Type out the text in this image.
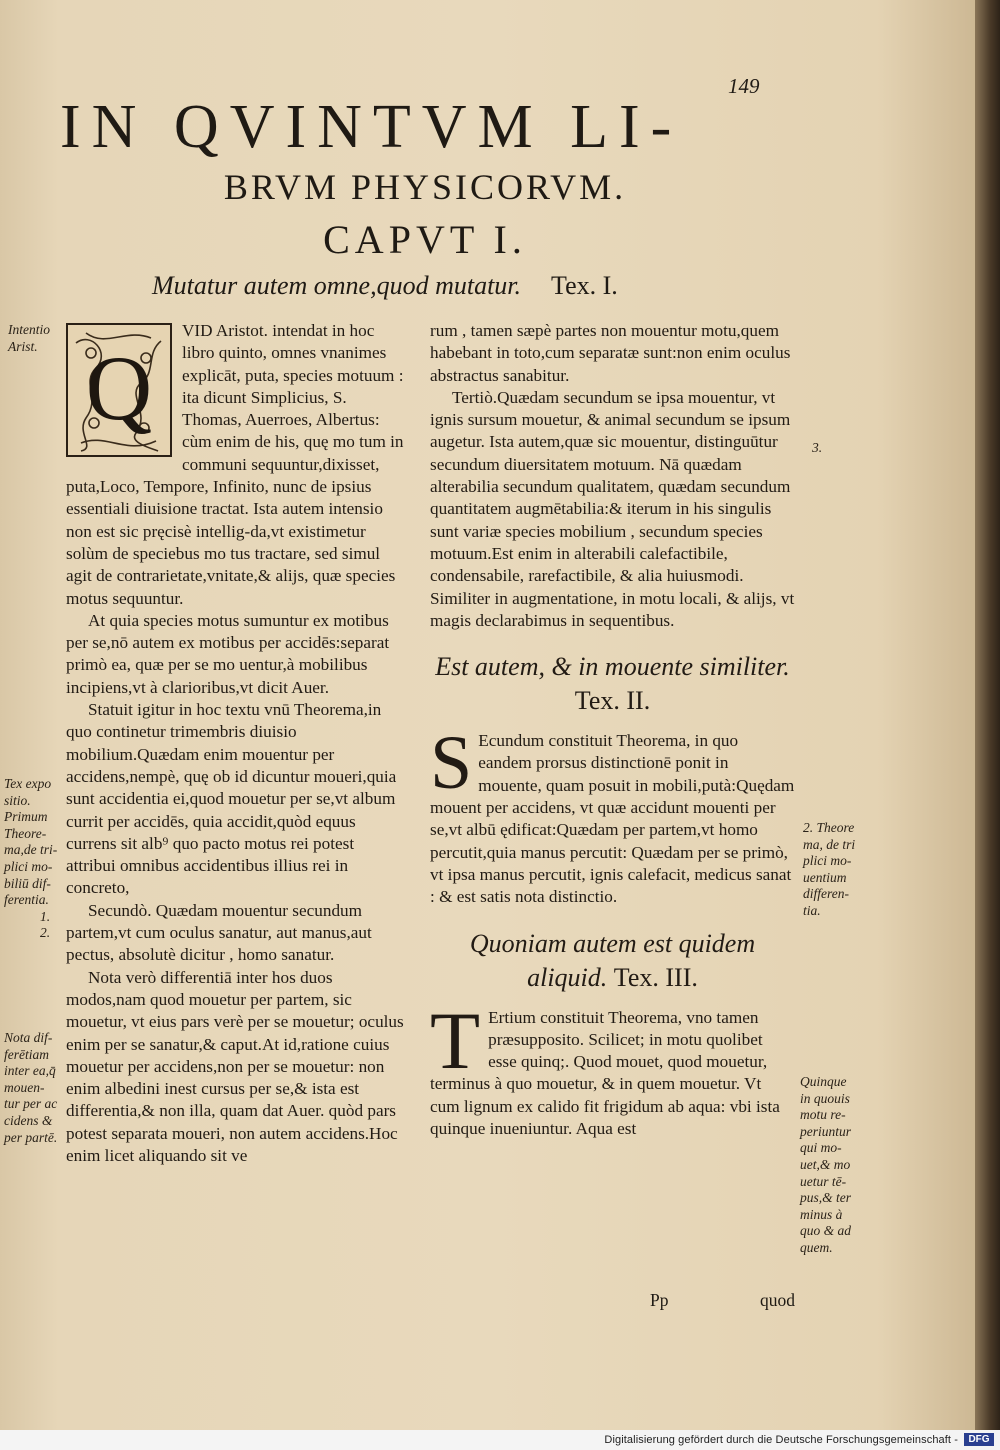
149
IN QVINTVM LI-
BRVM PHYSICORVM.
CAPVT I.
Mutatur autem omne,quod mutatur. Tex. I.
Q

VID Aristot. intendat in hoc libro quinto, omnes vnanimes explicāt, puta, species motuum : ita dicunt Simplicius, S. Thomas, Auerroes, Albertus: cùm enim de his, quę mo tum in communi sequuntur,dixisset, puta,Loco, Tempore, Infinito, nunc de ipsius essentiali diuisione tractat. Ista autem intensio non est sic pręcisè intellig-da,vt existimetur solùm de speciebus mo tus tractare, sed simul agit de contrarietate,vnitate,& alijs, quæ species motus sequuntur.

At quia species motus sumuntur ex motibus per se,nō autem ex motibus per accidēs:separat primò ea, quæ per se mo uentur,à mobilibus incipiens,vt à clarioribus,vt dicit Auer.

Statuit igitur in hoc textu vnū Theorema,in quo continetur trimembris diuisio mobilium.Quædam enim mouentur per accidens,nempè, quę ob id dicuntur moueri,quia sunt accidentia ei,quod mouetur per se,vt album currit per accidēs, quia accidit,quòd equus currens sit alb⁹ quo pacto motus rei potest attribui omnibus accidentibus illius rei in concreto,

Secundò. Quædam mouentur secundum partem,vt cum oculus sanatur, aut manus,aut pectus, absolutè dicitur , homo sanatur.

Nota verò differentiā inter hos duos modos,nam quod mouetur per partem, sic mouetur, vt eius pars verè per se mouetur; oculus enim per se sanatur,& caput.At id,ratione cuius mouetur per accidens,non per se mouetur: non enim albedini inest cursus per se,& ista est differentia,& non illa, quam dat Auer. quòd pars potest separata moueri, non autem accidens.Hoc enim licet aliquando sit ve

rum , tamen sæpè partes non mouentur motu,quem habebant in toto,cum separatæ sunt:non enim oculus abstractus sanabitur.

Tertiò.Quædam secundum se ipsa mouentur, vt ignis sursum mouetur, & animal secundum se ipsum augetur. Ista autem,quæ sic mouentur, distinguūtur secundum diuersitatem motuum. Nā quædam alterabilia secundum qualitatem, quædam secundum quantitatem augmētabilia:& iterum in his singulis sunt variæ species mobilium , secundum species motuum.Est enim in alterabili calefactibile, condensabile, rarefactibile, & alia huiusmodi. Similiter in augmentatione, in motu locali, & alijs, vt magis declarabimus in sequentibus.

Est autem, & in mouente similiter. Tex. II.

S Ecundum constituit Theorema, in quo eandem prorsus distinctionē ponit in mouente, quam posuit in mobili,putà:Quędam mouent per accidens, vt quæ accidunt mouenti per se,vt albū ędificat:Quædam per partem,vt homo percutit,quia manus percutit: Quædam per se primò, vt ipsa manus percutit, ignis calefacit, medicus sanat : & est satis nota distinctio.

Quoniam autem est quidem aliquid. Tex. III.

T Ertium constituit Theorema, vno tamen præsupposito. Scilicet; in motu quolibet esse quinq;. Quod mouet, quod mouetur, terminus à quo mouetur, & in quem mouetur. Vt cum lignum ex calido fit frigidum ab aqua: vbi ista quinque inueniuntur. Aqua est

Pp	quod
Intentio
Arist.
Tex expo
sitio.
Primum
Theore-
ma,de tri-
plici mo-
biliū dif-
ferentia.
1.
2.
Nota dif-
ferētiam
inter ea,q̄
mouen-
tur per ac
cidens &
per partē.
3.
2. Theore
ma, de tri
plici mo-
uentium
differen-
tia.
Quinque
in quouis
motu re-
periuntur
qui mo-
uet,& mo
uetur tē-
pus,& ter
minus à
quo & ad
quem.
Digitalisierung gefördert durch die Deutsche Forschungsgemeinschaft -	DFG
